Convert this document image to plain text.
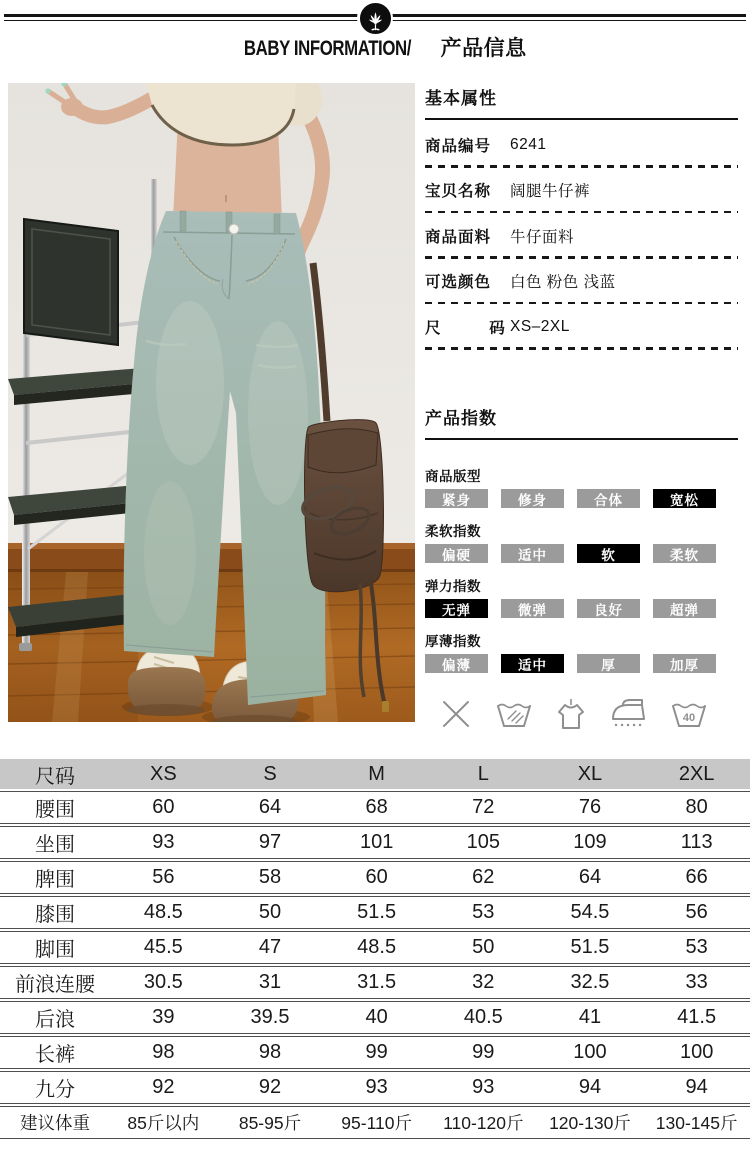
BABY INFORMATION/ 产品信息
基本属性
商品编号	6241
宝贝名称	阔腿牛仔裤
商品面料	牛仔面料
可选颜色	白色 粉色 浅蓝
尺         码 XS–2XL
产品指数
商品版型
紧身	修身	合体	宽松
柔软指数
偏硬	适中	软	柔软
弹力指数
无弹	微弹	良好	超弹
厚薄指数
偏薄	适中	厚	加厚
40
尺码	XS	S	M	L	XL	2XL
腰围	60	64	68	72	76	80
坐围	93	97	101	105	109	113
脾围	56	58	60	62	64	66
膝围	48.5	50	51.5	53	54.5	56
脚围	45.5	47	48.5	50	51.5	53
前浪连腰	30.5	31	31.5	32	32.5	33
后浪	39	39.5	40	40.5	41	41.5
长裤	98	98	99	99	100	100
九分	92	92	93	93	94	94
建议体重	85斤以内	85-95斤	95-110斤	110-120斤	120-130斤	130-145斤
